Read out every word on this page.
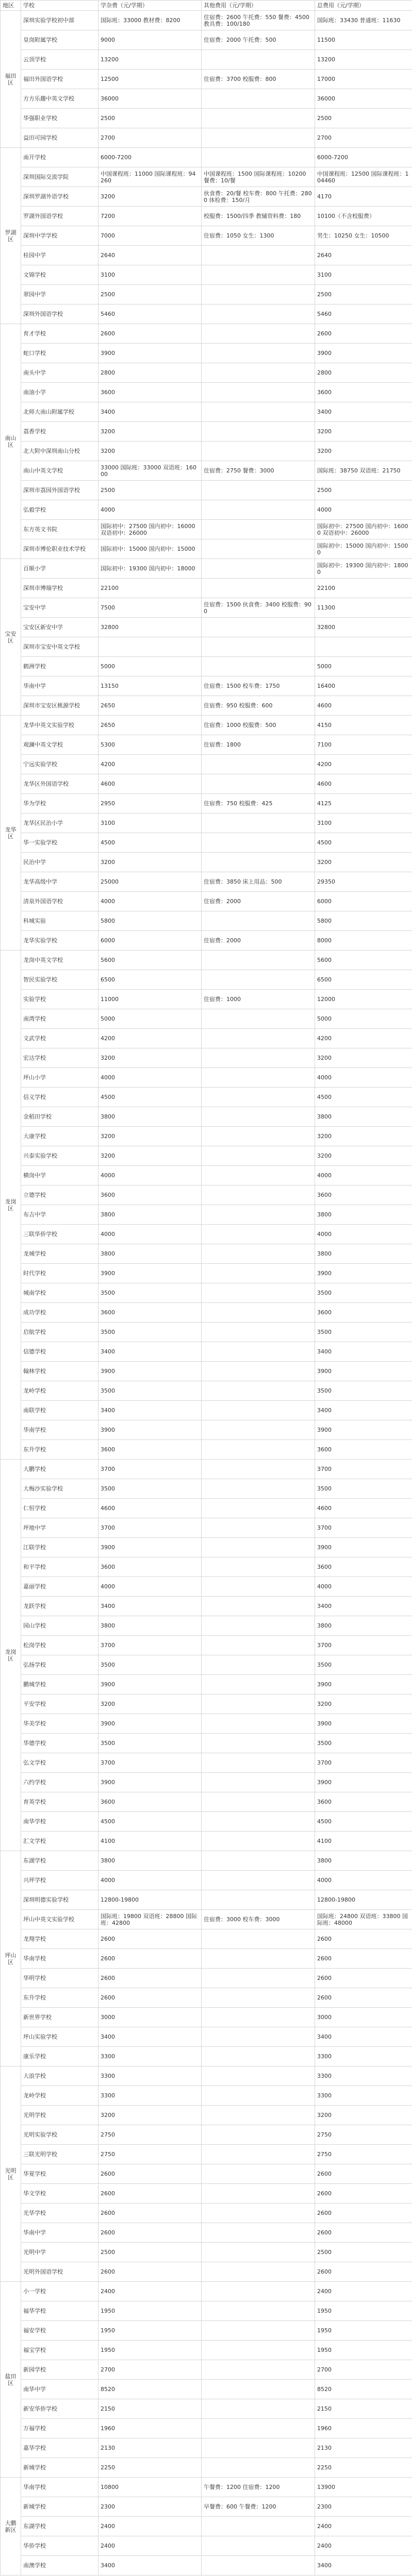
地区	学校	学杂费（元/学期）	其他费用（元/学期）	总费用（元/学期）
福田区	深圳实验学校初中部	国际班：33000 教材费：8200	住宿费：2600 午托费：550 餐费：4500 教具费：100/180	国际班：33430 普通班：11630
	皇岗附属学校	9000	住宿费：2000 午托费：500	11500
	云顶学校	13200		13200
	福田外国语学校	12500	住宿费：3700 校服费：800	17000
	方方乐趣中英文学校	36000		36000
	华强职业学校	2500		2500
	益田可园学校	2700		2700
罗湖区	南开学校	6000-7200		6000-7200
	深圳国际交流学院	中国课程班：11000 国际课程班：94260	中国课程班：1500 国际课程班：10200 餐费：10/餐	中国课程班：12500 国际课程班：104460
	深圳罗湖外语学校	3200	伙食费：20/餐 校车费：800 午托费：2800 体检费：150/月	4170
	罗湖外国语学校	7200	校服费：1500/四季 教辅资料费：180	10100（不含校服费）
	深圳中学学校	7000	住宿费：1050 女生：1300	男生：10250 女生：10500
	桂园中学	2640		2640
	文锦学校	3100		3100
	翠园中学	2500		2500
	深圳外国语学校	5460		5460
南山区	育才学校	2600		2600
	蛇口学校	3900		3900
	南头中学	2800		2800
	南油小学	3600		3600
	北师大南山附属学校	3400		3400
	荔香学校	3200		3200
	北大附中深圳南山分校	3200		3200
	南山中英文学校	33000 国际班：33000 双语班：16000	住宿费：2750 餐费：3000	国际班：38750 双语班：21750
	深圳市荔园外国语学校	2500		2500
	弘毅学校	4000		4000
	东方英文书院	国际初中：27500 国内初中：16000 双语初中：26000		国际初中：27500 国内初中：16000 双语初中：26000
	深圳市博伦职业技术学校	国际初中：15000 国内初中：15000		国际初中：15000 国内初中：15000
宝安区	百顺小学	国际初中：19300 国内初中：18000		国际初中：19300 国内初中：18000
	深圳市博瑞学校	22100		22100
	宝安中学	7500	住宿费：1500 伙食费：3400 校服费：900	11300
	宝安区新安中学	32800		32800
	深圳市宝安中英文学校			
	鹤洲学校	5000		5000
	华南中学	13150	住宿费：1500 校车费：1750	16400
	深圳市宝安区桃源学校	2650	住宿费：950 校服费：600	4600
龙华区	龙华中英文实验学校	2650	住宿费：1000 校服费：500	4150
	观澜中英文学校	5300	住宿费：1800	7100
	宁远实验学校	4200		4200
	龙华区外国语学校	4600		4600
	华为学校	2950	住宿费：750 校服费：425	4125
	龙华区民治小学	3100		3100
	华一实验学校	4500		4500
	民治中学	3200		3200
	龙华高级中学	25000	住宿费：3850 床上用品：500	29350
	清泉外国语学校	4000	住宿费：2000	6000
	科城实验	5800		5800
	龙华实验学校	6000	住宿费：2000	8000
龙岗区	龙岗中英文学校	5600		5600
	智民实验学校	6500		6500
	实验学校	11000	住宿费：1000	12000
	南湾学校	5000		5000
	文武学校	4200		4200
	宏达学校	3200		3200
	坪山小学	4000		4000
	信义学校	4500		4500
	金稻田学校	3800		3800
	大康学校	3200		3200
	兴泰实验学校	3200		3200
	横岗中学	4000		4000
	立德学校	3600		3600
	布吉中学	3800		3800
	三联华侨学校	4000		4000
	龙城学校	3800		3800
	时代学校	3900		3900
	城南学校	3500		3500
	成功学校	3600		3600
	启航学校	3500		3500
	信德学校	3400		3400
	翰林学校	3900		3900
	龙岭学校	3500		3500
	南联学校	3400		3400
	华南学校	3900		3900
	东升学校	3600		3600
龙岗区	大鹏学校	3700		3700
	大梅沙实验学校	3500		3500
	仁恒学校	4600		4600
	坪地中学	3700		3700
	江联学校	3900		3900
	和平学校	3600		3600
	嘉丽学校	4000		4000
	龙跃学校	3400		3400
	园山学校	3800		3800
	松岗学校	3700		3700
	弘扬学校	3500		3500
	鹏城学校	3900		3900
	平安学校	3200		3200
	华美学校	3900		3900
	华德学校	3500		3500
	弘文学校	3700		3700
	六约学校	3900		3900
	育英学校	3600		3600
	南华学校	4500		4500
	汇文学校	4100		4100
坪山区	东湖学校	3800		3800
	兴坪学校	4000		4000
	深圳明德实验学校	12800-19800		12800-19800
	坪山中英文实验学校	国际班：19800 双语班：28800 国际班：42800	住宿费：3000 校车费：3000	国际班：24800 双语班：33800 国际班：48000
	龙翔学校	2600		2600
	华南学校	2600		2600
	华明学校	2600		2600
	东升学校	2600		2600
	新世界学校	3000		3000
	坪山实验学校	3400		3400
	康乐学校	3300		3300
光明区	大浪学校	3300		3300
	龙岭学校	3300		3300
	光明学校	3200		3200
	光明实验学校	2750		2750
	三联光明学校	2750		2750
	华夏学校	2600		2600
	华文学校	2600		2600
	光华学校	2600		2600
	华南中学	2600		2600
	光明中学	2500		2500
	光明外国语学校	2600		2600
盐田区	小一学校	2400		2400
	福华学校	1950		1950
	福安学校	1950		1950
	福宝学校	1950		1950
	新园学校	2700		2700
	南华中学	8520		8520
	新安华侨学校	2150		2150
	万福学校	1960		1960
	嘉华学校	2130		2130
	新城学校	2250		2250
大鹏新区	华南学校	10800	午餐费：1200 住宿费：1200	13900
	新城学校	2300	早餐费：600 午餐费：1200	2300
	东湖学校	2400		2400
	华侨学校	2400		2400
	南澳学校	3400		3400
